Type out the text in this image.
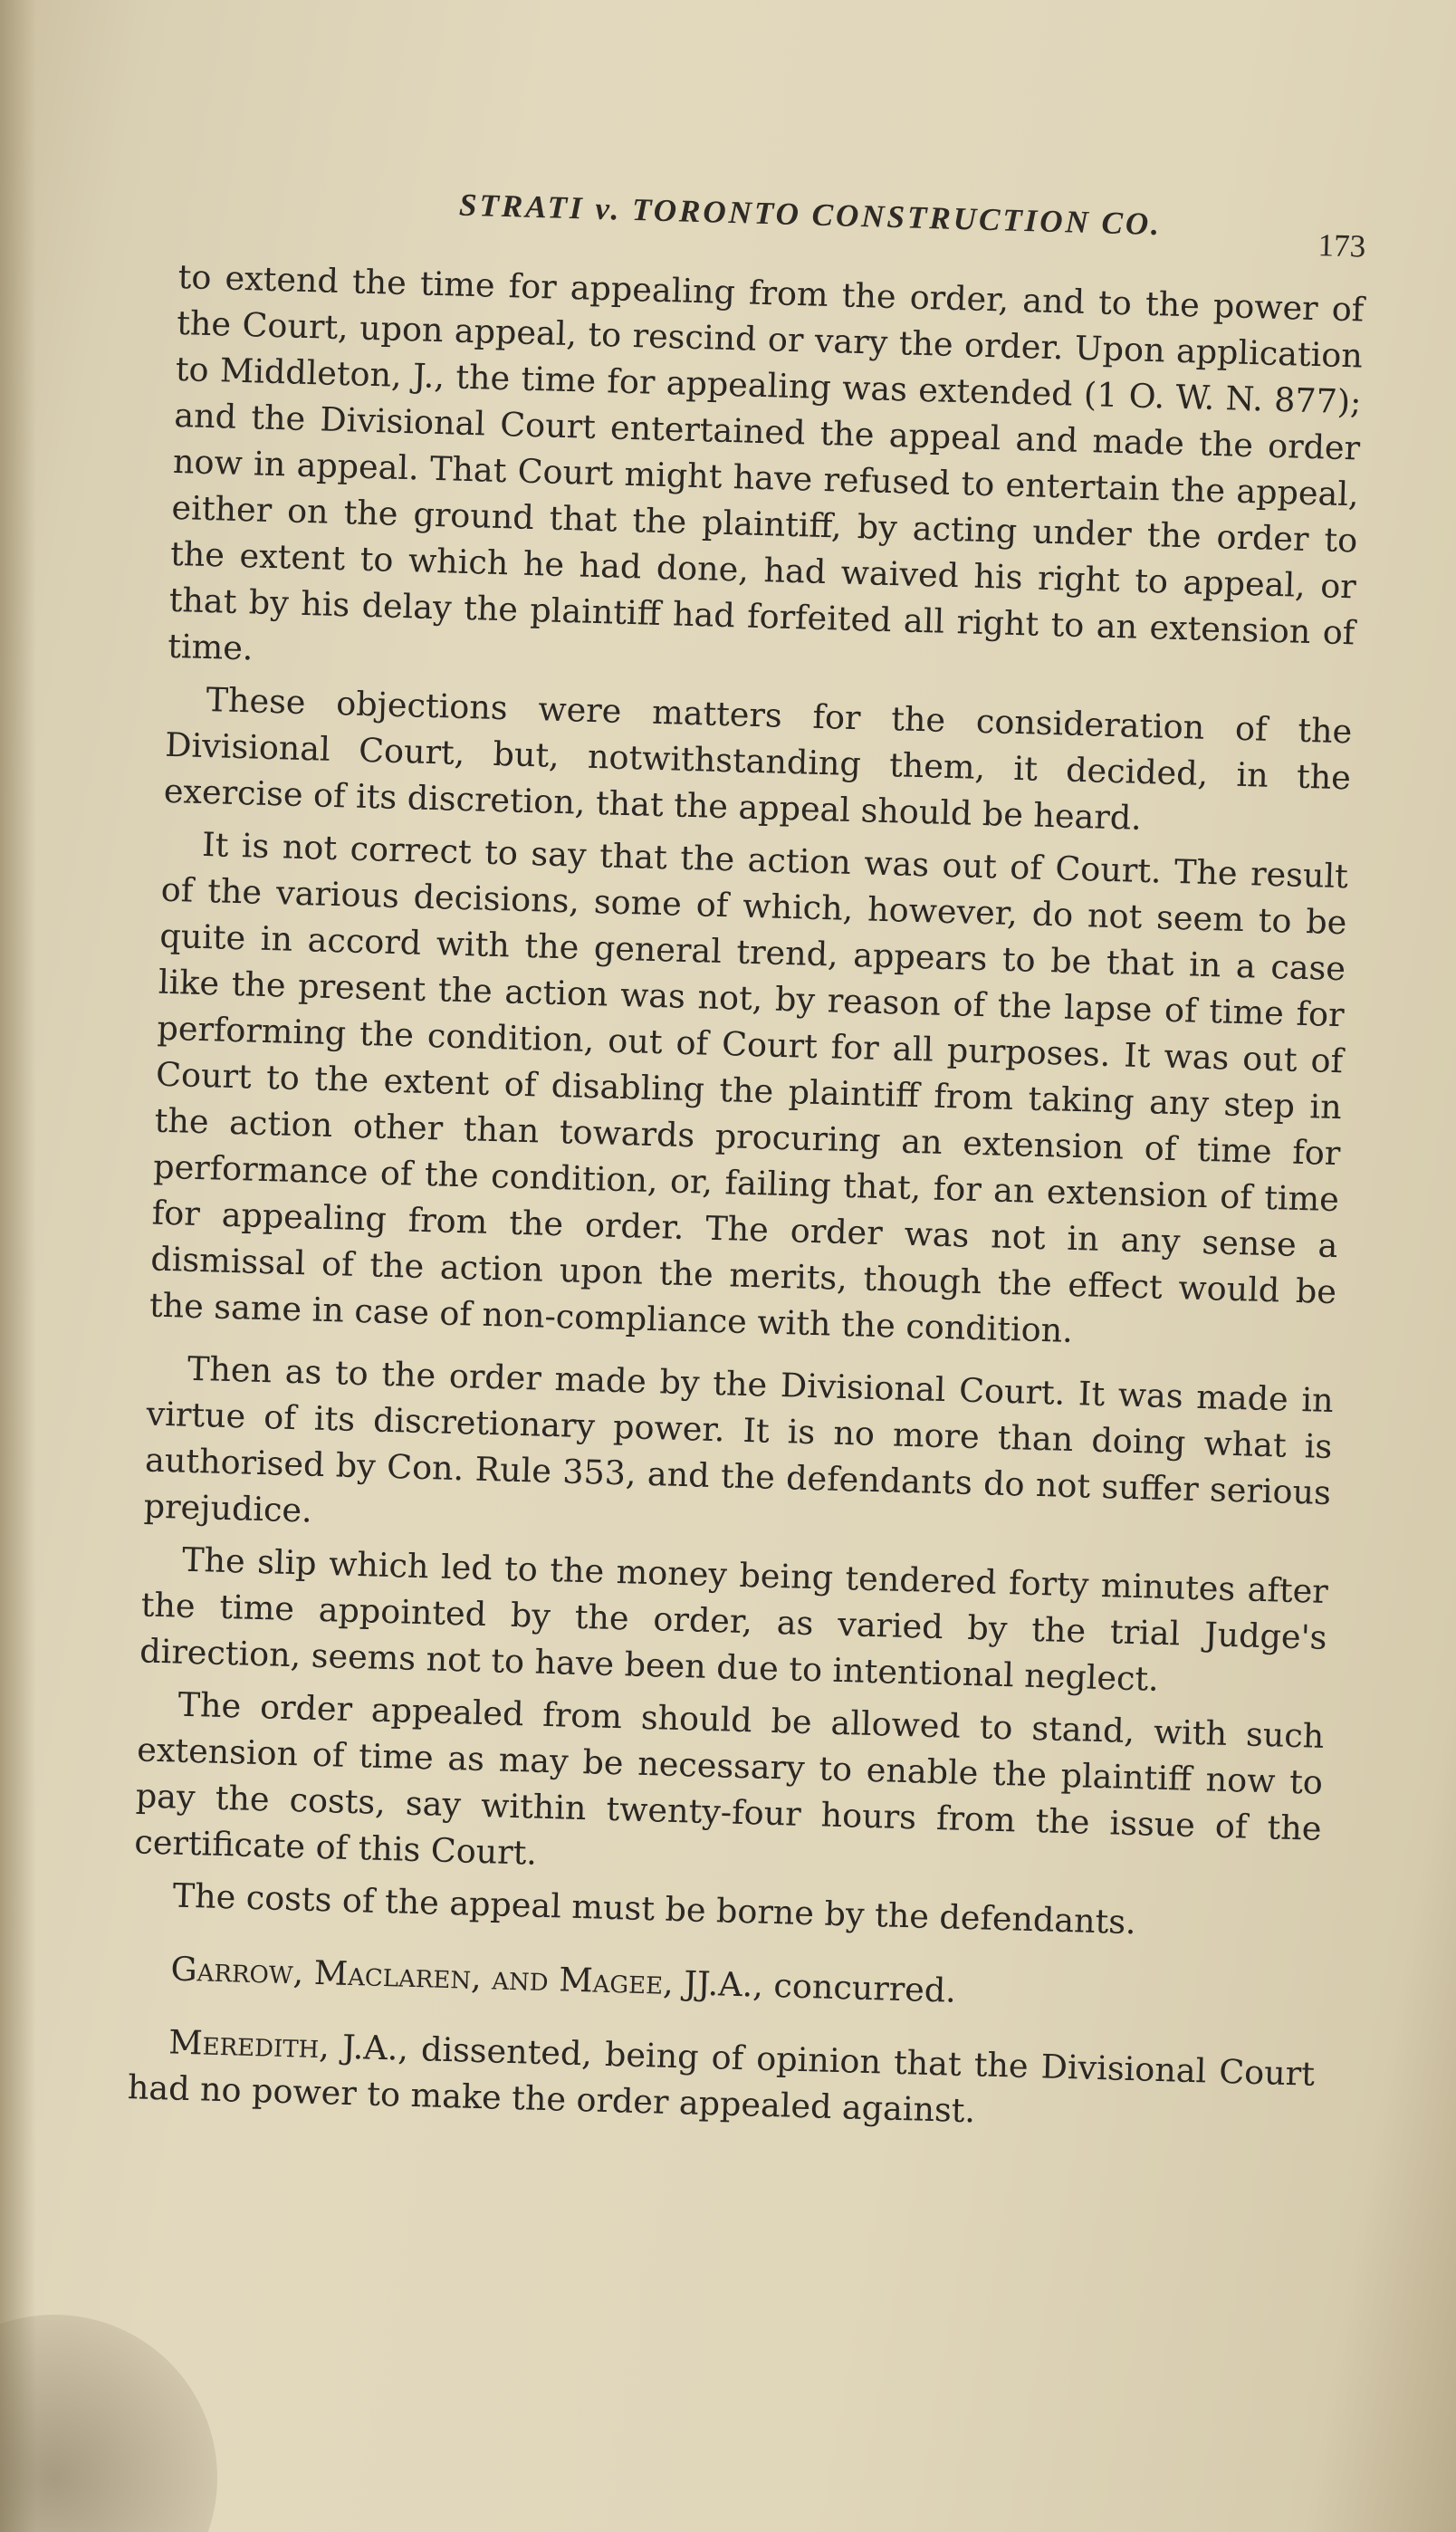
STRATI v. TORONTO CONSTRUCTION CO.
173

to extend the time for appealing from the order, and to the power of the Court, upon appeal, to rescind or vary the order. Upon application to Middleton, J., the time for appealing was extended (1 O. W. N. 877); and the Divisional Court entertained the appeal and made the order now in appeal. That Court might have refused to entertain the appeal, either on the ground that the plaintiff, by acting under the order to the extent to which he had done, had waived his right to appeal, or that by his delay the plaintiff had forfeited all right to an extension of time.

These objections were matters for the consideration of the Divisional Court, but, notwithstanding them, it decided, in the exercise of its discretion, that the appeal should be heard.

It is not correct to say that the action was out of Court. The result of the various decisions, some of which, however, do not seem to be quite in accord with the general trend, appears to be that in a case like the present the action was not, by reason of the lapse of time for performing the condition, out of Court for all purposes. It was out of Court to the extent of disabling the plaintiff from taking any step in the action other than towards procuring an extension of time for performance of the condition, or, failing that, for an extension of time for appealing from the order. The order was not in any sense a dismissal of the action upon the merits, though the effect would be the same in case of non-compliance with the condition.

Then as to the order made by the Divisional Court. It was made in virtue of its discretionary power. It is no more than doing what is authorised by Con. Rule 353, and the defendants do not suffer serious prejudice.

The slip which led to the money being tendered forty minutes after the time appointed by the order, as varied by the trial Judge's direction, seems not to have been due to intentional neglect.

The order appealed from should be allowed to stand, with such extension of time as may be necessary to enable the plaintiff now to pay the costs, say within twenty-four hours from the issue of the certificate of this Court.

The costs of the appeal must be borne by the defendants.

Garrow, Maclaren, and Magee, JJ.A., concurred.

Meredith, J.A., dissented, being of opinion that the Divisional Court had no power to make the order appealed against.
